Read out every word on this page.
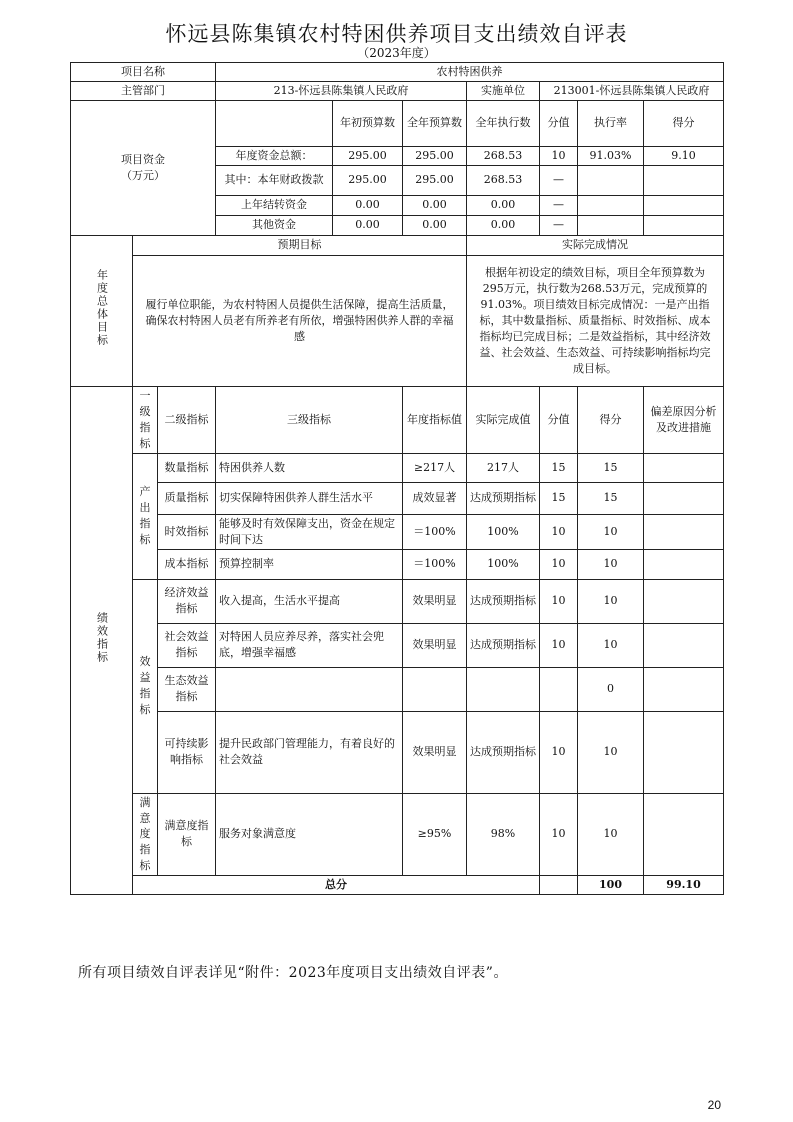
怀远县陈集镇农村特困供养项目支出绩效自评表
（2023年度）
项目名称			农村特困供养							
主管部门			213-怀远县陈集镇人民政府			实施单位	213001-怀远县陈集镇人民政府			
项目资金
（万元）				年初预算数	全年预算数	全年执行数	分值	执行率	得分	
			年度资金总额：	295.00	295.00	268.53	10	91.03%	9.10	
			其中：本年财政拨款	295.00	295.00	268.53	—			
			上年结转资金	0.00	0.00	0.00	—			
			其他资金	0.00	0.00	0.00	—			
年度总体目标	预期目标					实际完成情况				
	履行单位职能，为农村特困人员提供生活保障，提高生活质量，确保农村特困人员老有所养老有所依，增强特困供养人群的幸福感					根据年初设定的绩效目标，项目全年预算数为295万元，执行数为268.53万元，完成预算的91.03%。项目绩效目标完成情况：一是产出指标，其中数量指标、质量指标、时效指标、成本指标均已完成目标；二是效益指标，其中经济效益、社会效益、生态效益、可持续影响指标均完成目标。				
绩效指标	一级指标	二级指标	三级指标		年度指标值	实际完成值	分值	得分	偏差原因分析及改进措施	
	产出指标	数量指标	特困供养人数		≥217人	217人	15	15		
		质量指标	切实保障特困供养人群生活水平		成效显著	达成预期指标	15	15		
		时效指标	能够及时有效保障支出，资金在规定时间下达		＝100%	100%	10	10		
		成本指标	预算控制率		＝100%	100%	10	10		
	效益指标	经济效益指标	收入提高，生活水平提高		效果明显	达成预期指标	10	10		
		社会效益指标	对特困人员应养尽养，落实社会兜底，增强幸福感		效果明显	达成预期指标	10	10		
		生态效益指标						0		
		可持续影响指标	提升民政部门管理能力，有着良好的社会效益		效果明显	达成预期指标	10	10		
	满意度指标	满意度指标	服务对象满意度		≥95%	98%	10	10		
	总分							100	99.10	
所有项目绩效自评表详见“附件：2023年度项目支出绩效自评表”。
20
